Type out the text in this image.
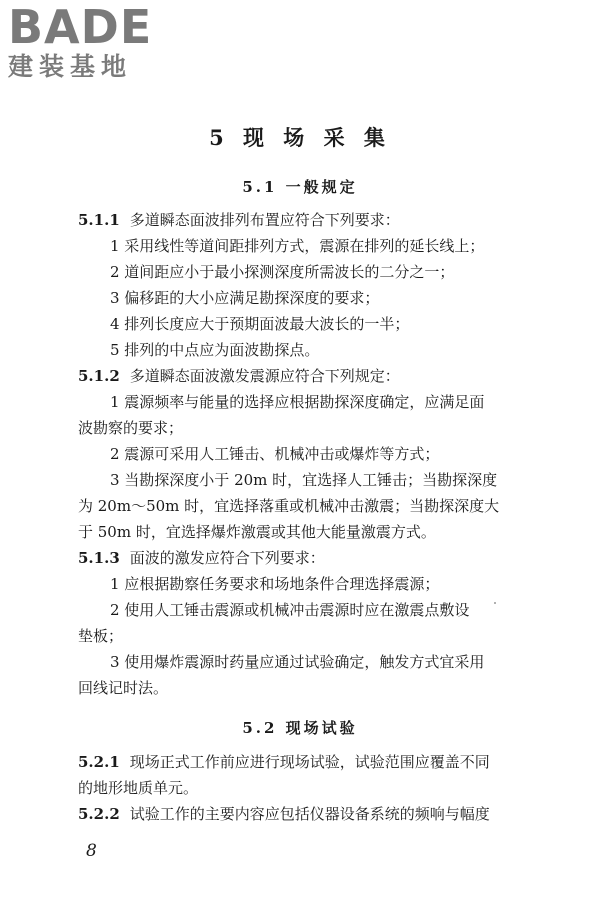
BADE
建装基地
5 现 场 采 集
5.1 一般规定
5.1.1 多道瞬态面波排列布置应符合下列要求：
1 采用线性等道间距排列方式，震源在排列的延长线上；
2 道间距应小于最小探测深度所需波长的二分之一；
3 偏移距的大小应满足勘探深度的要求；
4 排列长度应大于预期面波最大波长的一半；
5 排列的中点应为面波勘探点。
5.1.2 多道瞬态面波激发震源应符合下列规定：
1 震源频率与能量的选择应根据勘探深度确定，应满足面
波勘察的要求；
2 震源可采用人工锤击、机械冲击或爆炸等方式；
3 当勘探深度小于 20m 时，宜选择人工锤击；当勘探深度
为 20m～50m 时，宜选择落重或机械冲击激震；当勘探深度大
于 50m 时，宜选择爆炸激震或其他大能量激震方式。
5.1.3 面波的激发应符合下列要求：
1 应根据勘察任务要求和场地条件合理选择震源；
2 使用人工锤击震源或机械冲击震源时应在激震点敷设
垫板；
3 使用爆炸震源时药量应通过试验确定，触发方式宜采用
回线记时法。
5.2 现场试验
5.2.1 现场正式工作前应进行现场试验，试验范围应覆盖不同
的地形地质单元。
5.2.2 试验工作的主要内容应包括仪器设备系统的频响与幅度
8
